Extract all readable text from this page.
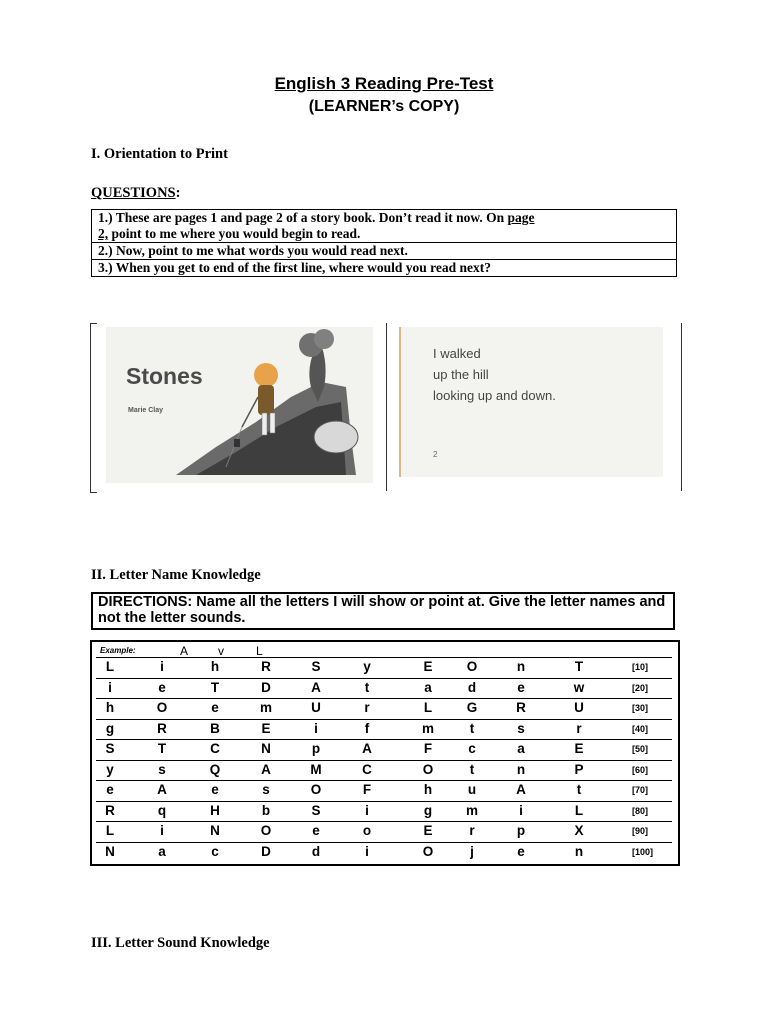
English 3 Reading Pre-Test
(LEARNER’s COPY)
I. Orientation to Print
QUESTIONS:
1.) These are pages 1 and page 2 of a story book. Don’t read it now. On page
2, point to me where you would begin to read.
2.) Now, point to me what words you would read next.
3.) When you get to end of the first line, where would you read next?
Stones
Marie Clay
I walked
up the hill
looking up and down.
2
II. Letter Name Knowledge
DIRECTIONS: Name all the letters I will show or point at. Give the letter names and not the letter sounds.
Example:	A v	L
L	i	h	R	S	y	E	O	n	T	[10]
i	e	T	D	A	t	a	d	e	w	[20]
h	O	e	m	U	r	L	G	R	U	[30]
g	R	B	E	i	f	m	t	s	r	[40]
S	T	C	N	p	A	F	c	a	E	[50]
y	s	Q	A	M	C	O	t	n	P	[60]
e	A	e	s	O	F	h	u	A	t	[70]
R	q	H	b	S	i	g	m	i	L	[80]
L	i	N	O	e	o	E	r	p	X	[90]
N	a	c	D	d	i	O	j	e	n	[100]
III. Letter Sound Knowledge
